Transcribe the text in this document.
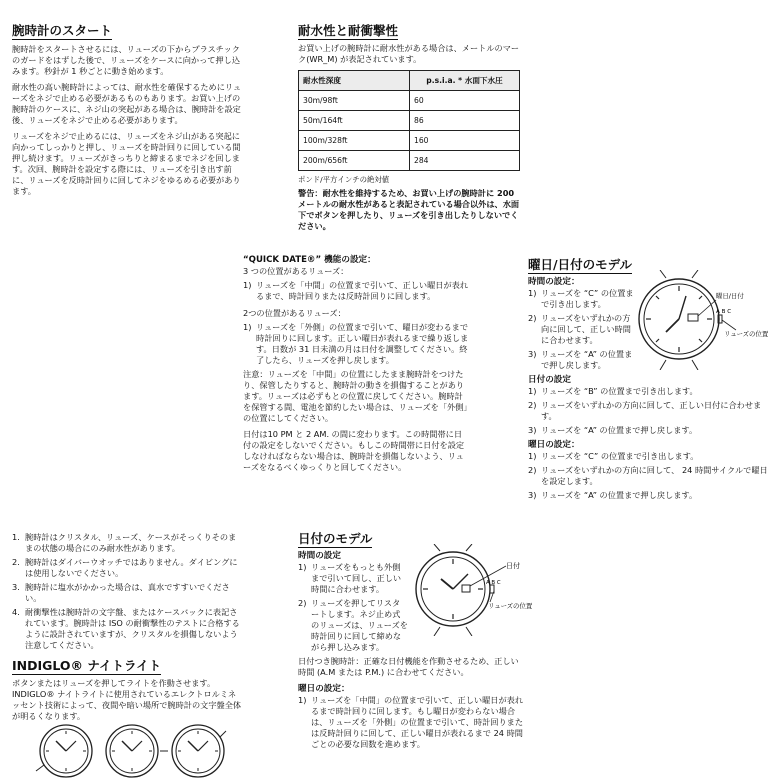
腕時計のスタート

腕時計をスタートさせるには、リューズの下からプラスチックのガードをはずした後で、リューズをケースに向かって押し込みます。秒針が 1 秒ごとに動き始めます。

耐水性の高い腕時計によっては、耐水性を確保するためにリューズをネジで止める必要があるものもあります。お買い上げの腕時計のケースに、ネジ山の突起がある場合は、腕時計を設定後、リューズをネジで止める必要があります。

リューズをネジで止めるには、リューズをネジ山がある突起に向かってしっかりと押し、リューズを時計回りに回している間押し続けます。リューズがきっちりと締まるまでネジを回します。次回、腕時計を設定する際には、リューズを引き出す前に、リューズを反時計回りに回してネジをゆるめる必要があります。

耐水性と耐衝撃性

お買い上げの腕時計に耐水性がある場合は、メートルのマーク(WR_M) が表記されています。

耐水性深度	p.s.i.a. * 水面下水圧
30m/98ft	60
50m/164ft	86
100m/328ft	160
200m/656ft	284

ポンド/平方インチの絶対値

警告：耐水性を維持するため、お買い上げの腕時計に 200 メートルの耐水性があると表記されている場合以外は、水面下でボタンを押したり、リューズを引き出したりしないでください。

“QUICK DATE®” 機能の設定：

3 つの位置があるリューズ：

1) リューズを「中間」の位置まで引いて、正しい曜日が表れるまで、時計回りまたは反時計回りに回します。

2つの位置があるリューズ：

1) リューズを「外側」の位置まで引いて、曜日が変わるまで時計回りに回します。正しい曜日が表れるまで繰り返します。日数が 31 日未満の月は日付を調整してください。終了したら、リューズを押し戻します。

注意：リューズを「中間」の位置にしたまま腕時計をつけたり、保管したりすると、腕時計の動きを損傷することがあります。リューズは必ずもとの位置に戻してください。腕時計を保管する間、電池を節約したい場合は、リューズを「外側」の位置にしてください。

日付は10 PM と 2 AM. の間に変わります。この時間帯に日付の設定をしないでください。もしこの時間帯に日付を設定しなければならない場合は、腕時計を損傷しないよう、リューズをなるべくゆっくりと回してください。

曜日/日付のモデル
時間の設定：
1) リューズを “C” の位置まで引き出します。
2) リューズをいずれかの方向に回して、正しい時間に合わせます。
3) リューズを “A” の位置まで押し戻します。
日付の設定
1) リューズを “B” の位置まで引き出します。
2) リューズをいずれかの方向に回して、正しい日付に合わせます。
3) リューズを “A” の位置まで押し戻します。
曜日の設定：
1) リューズを “C” の位置まで引き出します。
2) リューズをいずれかの方向に回して、 24 時間サイクルで曜日を設定します。
3) リューズを “A” の位置まで押し戻します。
曜日/日付
A B C
リューズの位置
1. 腕時計はクリスタル、リューズ、ケースがそっくりそのままの状態の場合にのみ耐水性があります。
2. 腕時計はダイバーウオッチではありません。ダイビングには使用しないでください。
3. 腕時計に塩水がかかった場合は、真水ですすいでください。
4. 耐衝撃性は腕時計の文字盤、またはケースバックに表記されています。腕時計は ISO の耐衝撃性のテストに合格するように設計されていますが、クリスタルを損傷しないよう注意してください。
INDIGLO® ナイトライト

ボタンまたはリューズを押してライトを作動させます。INDIGLO® ナイトライトに使用されているエレクトロルミネッセント技術によって、夜間や暗い場所で腕時計の文字盤全体が明るくなります。

日付のモデル
時間の設定
1) リューズをもっとも外側まで引いて回し、正しい時間に合わせます。
2) リューズを押してリスタートします。ネジ止め式のリューズは、リューズを時計回りに回して締めながら押し込みます。

日付つき腕時計：正確な日付機能を作動させるため、正しい時間 (A.M または P.M.) に合わせてください。

曜日の設定：
1) リューズを「中間」の位置まで引いて、正しい曜日が表れるまで時計回りに回します。もし曜日が変わらない場合は、リューズを「外側」の位置まで引いて、時計回りまたは反時計回りに回して、正しい曜日が表れるまで 24 時間ごとの必要な回数を進めます。
日付
A B C
リューズの位置
